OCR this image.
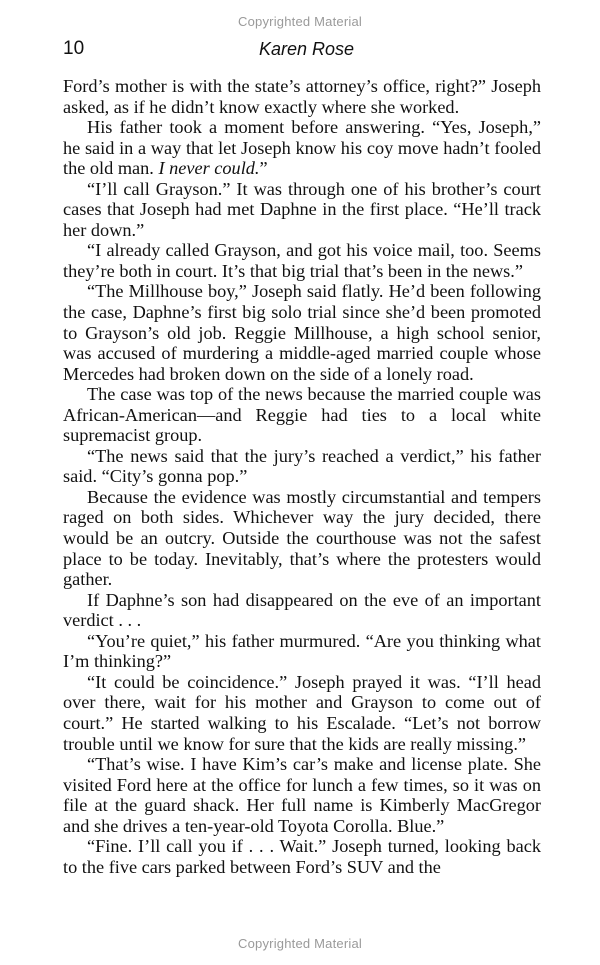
Copyrighted Material
10	Karen Rose

Ford’s mother is with the state’s attorney’s office, right?” Joseph asked, as if he didn’t know exactly where she worked.

His father took a moment before answering. “Yes, Joseph,” he said in a way that let Joseph know his coy move hadn’t fooled the old man. I never could.”

“I’ll call Grayson.” It was through one of his brother’s court cases that Joseph had met Daphne in the first place. “He’ll track her down.”

“I already called Grayson, and got his voice mail, too. Seems they’re both in court. It’s that big trial that’s been in the news.”

“The Millhouse boy,” Joseph said flatly. He’d been following the case, Daphne’s first big solo trial since she’d been promoted to Grayson’s old job. Reggie Millhouse, a high school senior, was accused of murdering a middle-aged married couple whose Mercedes had broken down on the side of a lonely road.

The case was top of the news because the married couple was African-American—and Reggie had ties to a local white supremacist group.

“The news said that the jury’s reached a verdict,” his father said. “City’s gonna pop.”

Because the evidence was mostly circumstantial and tempers raged on both sides. Whichever way the jury decided, there would be an outcry. Outside the courthouse was not the safest place to be today. Inevitably, that’s where the protesters would gather.

If Daphne’s son had disappeared on the eve of an important verdict . . .

“You’re quiet,” his father murmured. “Are you thinking what I’m thinking?”

“It could be coincidence.” Joseph prayed it was. “I’ll head over there, wait for his mother and Grayson to come out of court.” He started walking to his Escalade. “Let’s not borrow trouble until we know for sure that the kids are really missing.”

“That’s wise. I have Kim’s car’s make and license plate. She visited Ford here at the office for lunch a few times, so it was on file at the guard shack. Her full name is Kimberly MacGregor and she drives a ten-year-old Toyota Corolla. Blue.”

“Fine. I’ll call you if . . . Wait.” Joseph turned, looking back to the five cars parked between Ford’s SUV and the

Copyrighted Material
